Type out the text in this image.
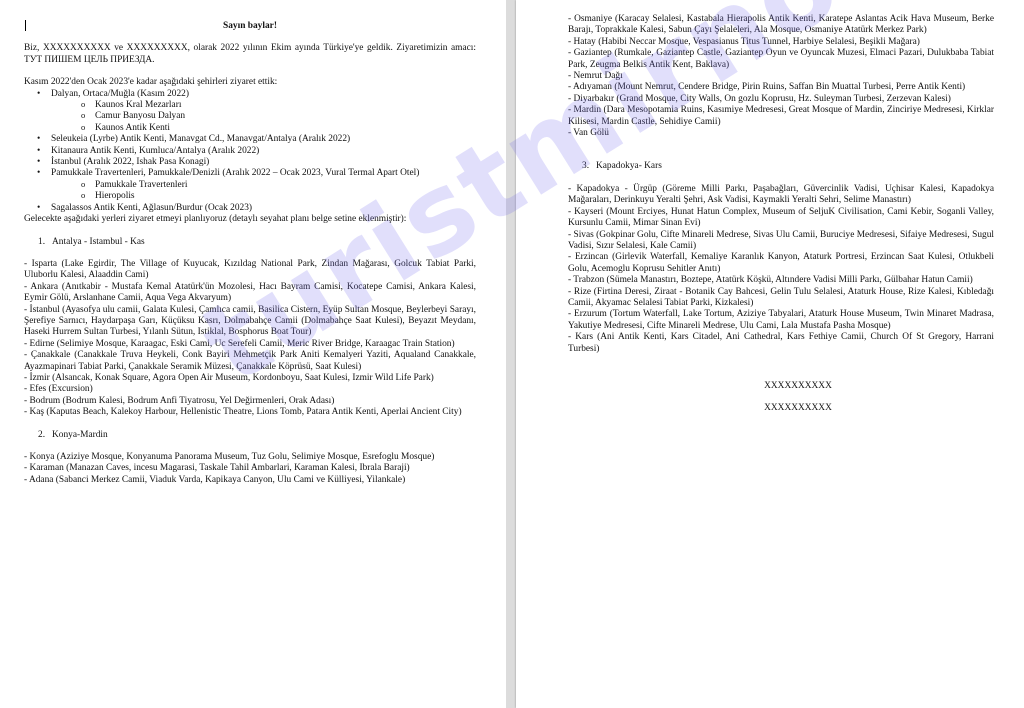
Sayın baylar!

Biz, XXXXXXXXXX ve XXXXXXXXX, olarak 2022 yılının Ekim ayında Türkiye'ye geldik. Ziyaretimizin amacı: ТУТ ПИШЕМ ЦЕЛЬ ПРИЕЗДА.

Kasım 2022'den Ocak 2023'e kadar aşağıdaki şehirleri ziyaret ettik:

• Dalyan, Ortaca/Muğla (Kasım 2022)
o Kaunos Kral Mezarları
o Camur Banyosu Dalyan
o Kaunos Antik Kenti
• Seleukeia (Lyrbe) Antik Kenti, Manavgat Cd., Manavgat/Antalya (Aralık 2022)
• Kitanaura Antik Kenti, Kumluca/Antalya (Aralık 2022)
• İstanbul (Aralık 2022, Ishak Pasa Konagi)
• Pamukkale Travertenleri, Pamukkale/Denizli (Aralık 2022 – Ocak 2023, Vural Termal Apart Otel)
o Pamukkale Travertenleri
o Hieropolis
• Sagalassos Antik Kenti, Ağlasun/Burdur (Ocak 2023)

Gelecekte aşağıdaki yerleri ziyaret etmeyi planlıyoruz (detaylı seyahat planı belge setine eklenmiştir):

1. Antalya - Istambul - Kas

- Isparta (Lake Egirdir, The Village of Kuyucak, Kızıldag National Park, Zindan Mağarası, Golcuk Tabiat Parki, Uluborlu Kalesi, Alaaddin Cami)

- Ankara (Anıtkabir - Mustafa Kemal Atatürk'ün Mozolesi, Hacı Bayram Camisi, Kocatepe Camisi, Ankara Kalesi, Eymir Gölü, Arslanhane Camii, Aqua Vega Akvaryum)

- İstanbul (Ayasofya ulu camii, Galata Kulesi, Çamlıca camii, Basilica Cistern, Eyüp Sultan Mosque, Beylerbeyi Sarayı, Şerefiye Sarnıcı, Haydarpaşa Garı, Küçüksu Kasrı, Dolmabahçe Camii (Dolmabahçe Saat Kulesi), Beyazıt Meydanı, Haseki Hurrem Sultan Turbesi, Yılanlı Sütun, Istiklal, Bosphorus Boat Tour)

- Edirne (Selimiye Mosque, Karaagac, Eski Cami, Uc Serefeli Camii, Meric River Bridge, Karaagac Train Station)

- Çanakkale (Canakkale Truva Heykeli, Conk Bayiri Mehmetçik Park Aniti Kemalyeri Yaziti, Aqualand Canakkale, Ayazmapinari Tabiat Parki, Çanakkale Seramik Müzesi, Çanakkale Köprüsü, Saat Kulesi)

- İzmir (Alsancak, Konak Square, Agora Open Air Museum, Kordonboyu, Saat Kulesi, Izmir Wild Life Park)

- Efes (Excursion)

- Bodrum (Bodrum Kalesi, Bodrum Anfi Tiyatrosu, Yel Değirmenleri, Orak Adası)

- Kaş (Kaputas Beach, Kalekoy Harbour, Hellenistic Theatre, Lions Tomb, Patara Antik Kenti, Aperlai Ancient City)

2. Konya-Mardin

- Konya (Aziziye Mosque, Konyanuma Panorama Museum, Tuz Golu, Selimiye Mosque, Esrefoglu Mosque)

- Karaman (Manazan Caves, incesu Magarasi, Taskale Tahil Ambarlari, Karaman Kalesi, Ibrala Baraji)

- Adana (Sabanci Merkez Camii, Viaduk Varda, Kapikaya Canyon, Ulu Cami ve Külliyesi, Yilankale)

- Osmaniye (Karacay Selalesi, Kastabala Hierapolis Antik Kenti, Karatepe Aslantas Acik Hava Museum, Berke Barajı, Toprakkale Kalesi, Sabun Çayı Şelaleleri, Ala Mosque, Osmaniye Atatürk Merkez Park)

- Hatay (Habibi Neccar Mosque, Vespasianus Titus Tunnel, Harbiye Selalesi, Beşikli Mağara)

- Gaziantep (Rumkale, Gaziantep Castle, Gaziantep Oyun ve Oyuncak Muzesi, Elmaci Pazari, Dulukbaba Tabiat Park, Zeugma Belkis Antik Kent, Baklava)

- Nemrut Dağı

- Adıyaman (Mount Nemrut, Cendere Bridge, Pirin Ruins, Saffan Bin Muattal Turbesi, Perre Antik Kenti)

- Diyarbakır (Grand Mosque, City Walls, On gozlu Koprusu, Hz. Suleyman Turbesi, Zerzevan Kalesi)

- Mardin (Dara Mesopotamia Ruins, Kasımiye Medresesi, Great Mosque of Mardin, Zinciriye Medresesi, Kirklar Kilisesi, Mardin Castle, Sehidiye Camii)

- Van Gölü

3. Kapadokya- Kars

- Kapadokya - Ürgüp (Göreme Milli Parkı, Paşabağları, Güvercinlik Vadisi, Uçhisar Kalesi, Kapadokya Mağaraları, Derinkuyu Yeralti Şehri, Ask Vadisi, Kaymakli Yeralti Sehri, Selime Manastırı)

- Kayseri (Mount Erciyes, Hunat Hatun Complex, Museum of SeljuK Civilisation, Cami Kebir, Soganli Valley, Kursunlu Camii, Mimar Sinan Evi)

- Sivas (Gokpinar Golu, Cifte Minareli Medrese, Sivas Ulu Camii, Buruciye Medresesi, Sifaiye Medresesi, Sugul Vadisi, Sızır Selalesi, Kale Camii)

- Erzincan (Girlevik Waterfall, Kemaliye Karanlık Kanyon, Ataturk Portresi, Erzincan Saat Kulesi, Otlukbeli Golu, Acemoglu Koprusu Sehitler Anıtı)

- Trabzon (Sümela Manastırı, Boztepe, Atatürk Köşkü, Altındere Vadisi Milli Parkı, Gülbahar Hatun Camii)

- Rize (Firtina Deresi, Ziraat - Botanik Cay Bahcesi, Gelin Tulu Selalesi, Ataturk House, Rize Kalesi, Kıbledağı Camii, Akyamac Selalesi Tabiat Parki, Kizkalesi)

- Erzurum (Tortum Waterfall, Lake Tortum, Aziziye Tabyalari, Ataturk House Museum, Twin Minaret Madrasa, Yakutiye Medresesi, Cifte Minareli Medrese, Ulu Cami, Lala Mustafa Pasha Mosque)

- Kars (Ani Antik Kenti, Kars Citadel, Ani Cathedral, Kars Fethiye Camii, Church Of St Gregory, Harrani Turbesi)

XXXXXXXXXX

XXXXXXXXXX
